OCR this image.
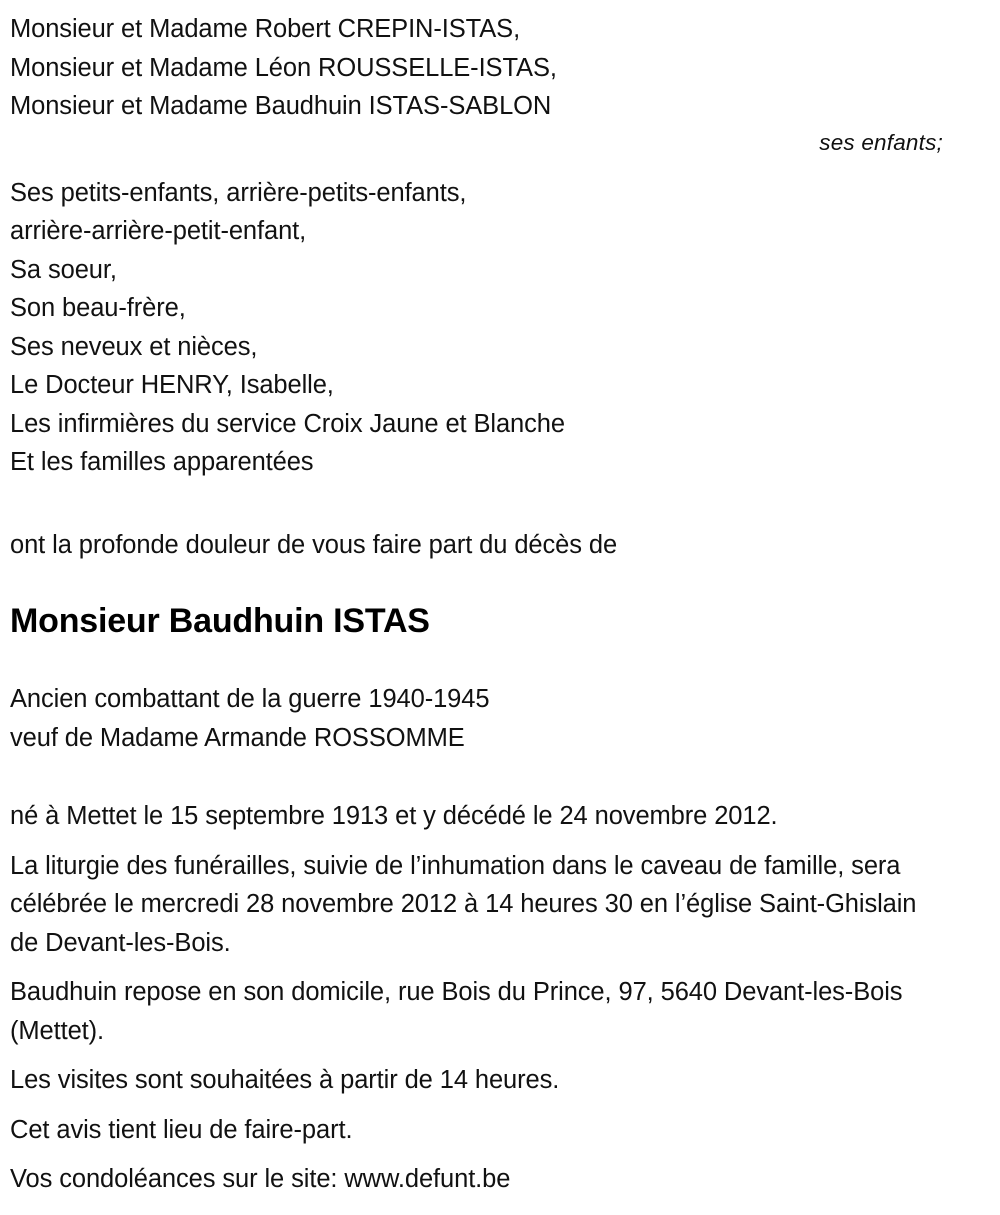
Monsieur et Madame Robert CREPIN-ISTAS,
Monsieur et Madame Léon ROUSSELLE-ISTAS,
Monsieur et Madame Baudhuin ISTAS-SABLON
ses enfants;
Ses petits-enfants, arrière-petits-enfants,
arrière-arrière-petit-enfant,
Sa soeur,
Son beau-frère,
Ses neveux et nièces,
Le Docteur HENRY, Isabelle,
Les infirmières du service Croix Jaune et Blanche
Et les familles apparentées
ont la profonde douleur de vous faire part du décès de
Monsieur Baudhuin ISTAS
Ancien combattant de la guerre 1940-1945
veuf de Madame Armande ROSSOMME

né à Mettet le 15 septembre 1913 et y décédé le 24 novembre 2012.

La liturgie des funérailles, suivie de l’inhumation dans le caveau de famille, sera célébrée le mercredi 28 novembre 2012 à 14 heures 30 en l’église Saint-Ghislain de Devant-les-Bois.

Baudhuin repose en son domicile, rue Bois du Prince, 97, 5640 Devant-les-Bois (Mettet).

Les visites sont souhaitées à partir de 14 heures.

Cet avis tient lieu de faire-part.

Vos condoléances sur le site: www.defunt.be
